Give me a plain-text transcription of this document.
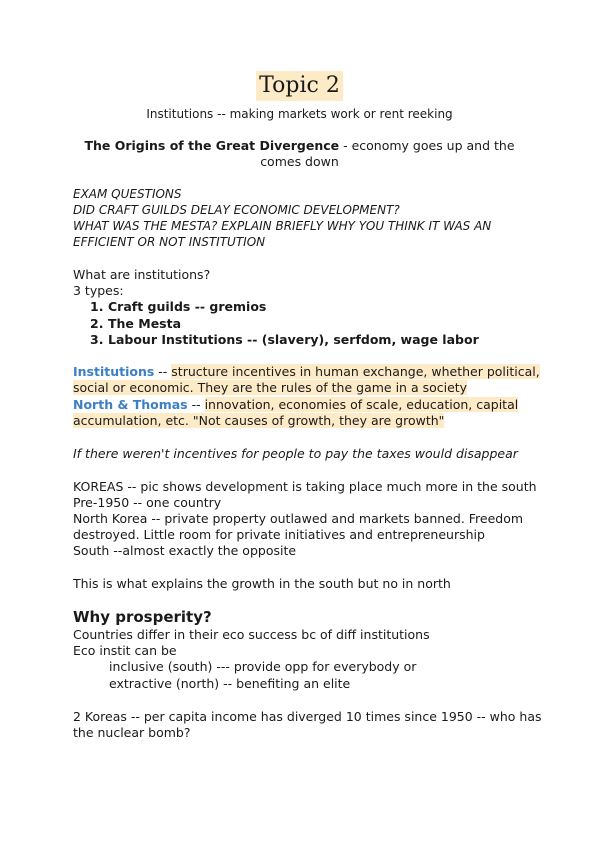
Topic 2
Institutions -- making markets work or rent reeking
The Origins of the Great Divergence - economy goes up and the
comes down
EXAM QUESTIONS
DID CRAFT GUILDS DELAY ECONOMIC DEVELOPMENT?
WHAT WAS THE MESTA? EXPLAIN BRIEFLY WHY YOU THINK IT WAS AN
EFFICIENT OR NOT INSTITUTION
What are institutions?
3 types:
1. Craft guilds -- gremios
2. The Mesta
3. Labour Institutions -- (slavery), serfdom, wage labor
Institutions -- structure incentives in human exchange, whether political,
social or economic. They are the rules of the game in a society
North & Thomas -- innovation, economies of scale, education, capital
accumulation, etc. "Not causes of growth, they are growth"
If there weren't incentives for people to pay the taxes would disappear
KOREAS -- pic shows development is taking place much more in the south
Pre-1950 -- one country
North Korea -- private property outlawed and markets banned. Freedom
destroyed. Little room for private initiatives and entrepreneurship
South --almost exactly the opposite
This is what explains the growth in the south but no in north
Why prosperity?
Countries differ in their eco success bc of diff institutions
Eco instit can be
inclusive (south) --- provide opp for everybody or
extractive (north) -- benefiting an elite
2 Koreas -- per capita income has diverged 10 times since 1950 -- who has
the nuclear bomb?
